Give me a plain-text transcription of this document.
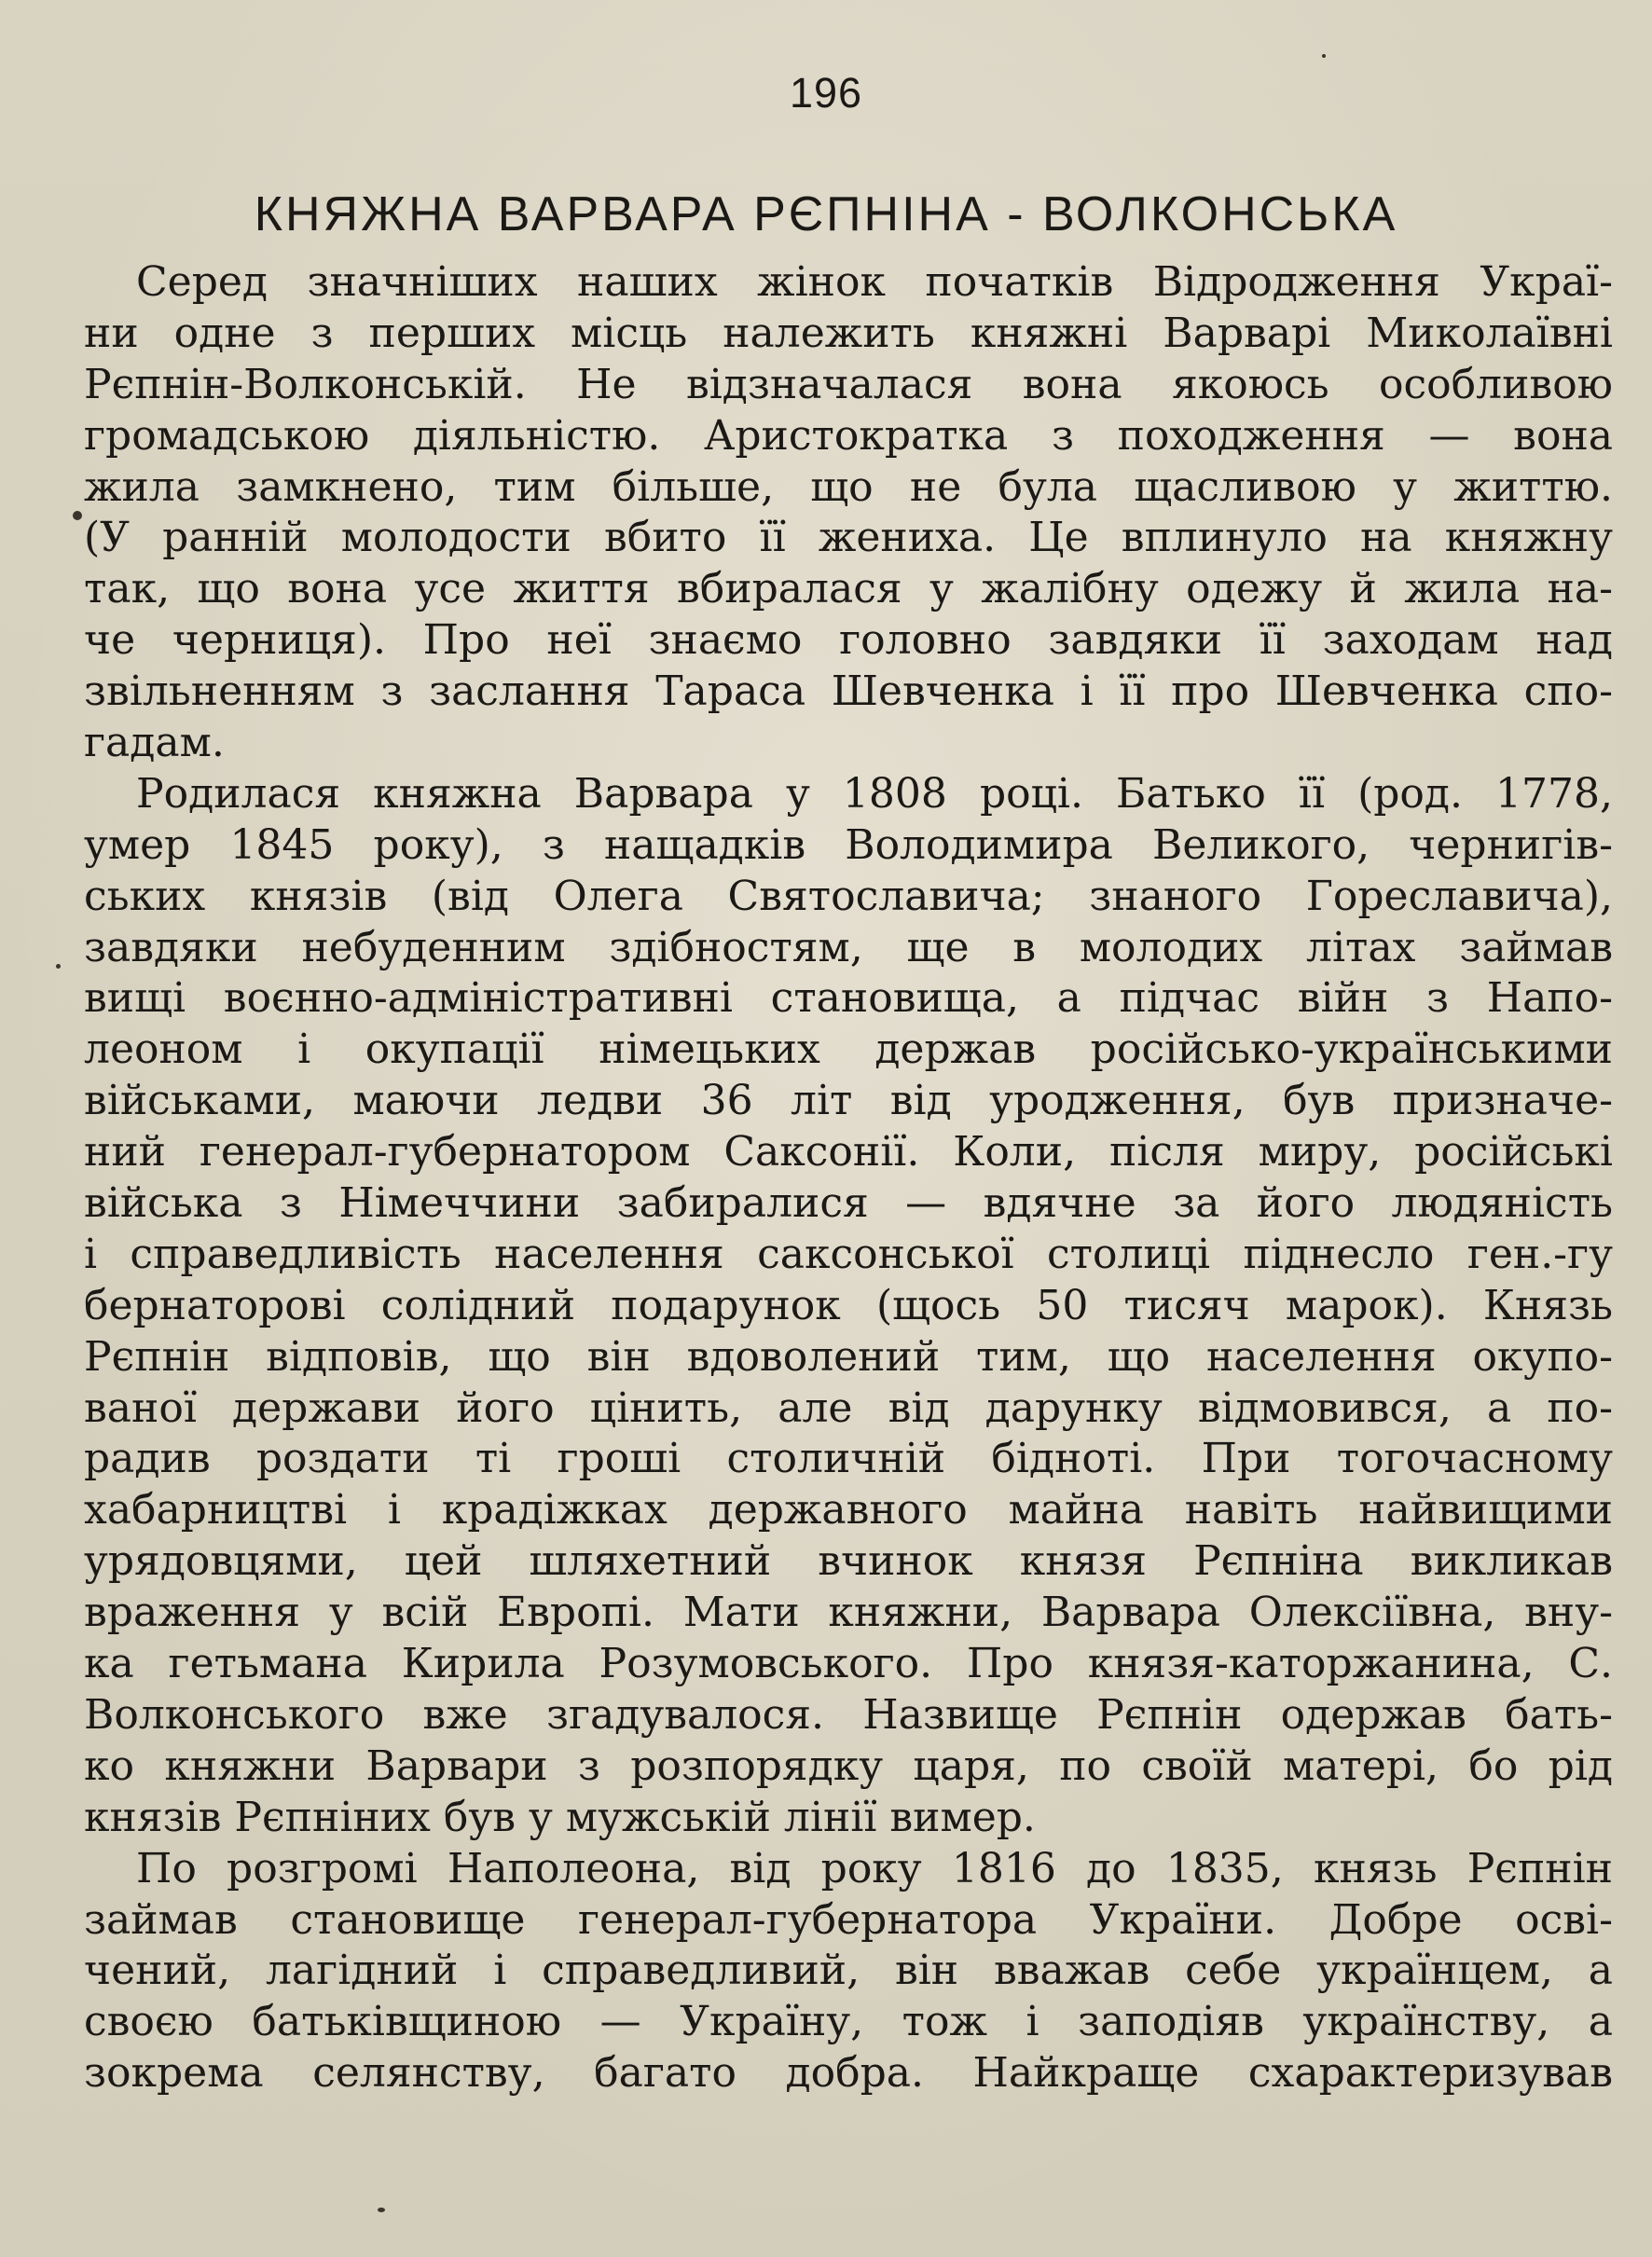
196
КНЯЖНА ВАРВАРА РЄПНІНА - ВОЛКОНСЬКА
Серед значніших наших жінок початків Відродження Украї-
ни одне з перших місць належить княжні Варварі Миколаївні
Рєпнін-Волконській. Не відзначалася вона якоюсь особливою
громадською діяльністю. Аристократка з походження — вона
жила замкнено, тим більше, що не була щасливою у життю.
(У ранній молодости вбито її жениха. Це вплинуло на княжну
так, що вона усе життя вбиралася у жалібну одежу й жила на-
че черниця). Про неї знаємо головно завдяки її заходам над
звільненням з заслання Тараса Шевченка і її про Шевченка спо-
гадам.
Родилася княжна Варвара у 1808 році. Батько її (род. 1778,
умер 1845 року), з нащадків Володимира Великого, чернигів-
ських князів (від Олега Святославича; знаного Гореславича),
завдяки небуденним здібностям, ще в молодих літах займав
вищі воєнно-адміністративні становища, а підчас війн з Напо-
леоном і окупації німецьких держав російсько-українськими
військами, маючи ледви 36 літ від уродження, був призначе-
ний генерал-губернатором Саксонії. Коли, після миру, російські
війська з Німеччини забиралися — вдячне за його людяність
і справедливість населення саксонської столиці піднесло ген.-гу
бернаторові солідний подарунок (щось 50 тисяч марок). Князь
Рєпнін відповів, що він вдоволений тим, що населення окупо-
ваної держави його цінить, але від дарунку відмовився, а по-
радив роздати ті гроші столичній бідноті. При тогочасному
хабарництві і крадіжках державного майна навіть найвищими
урядовцями, цей шляхетний вчинок князя Рєпніна викликав
враження у всій Европі. Мати княжни, Варвара Олексіївна, вну-
ка гетьмана Кирила Розумовського. Про князя-каторжанина, С.
Волконського вже згадувалося. Назвище Рєпнін одержав бать-
ко княжни Варвари з розпорядку царя, по своїй матері, бо рід
князів Рєпніних був у мужській лінії вимер.
По розгромі Наполеона, від року 1816 до 1835, князь Рєпнін
займав становище генерал-губернатора України. Добре осві-
чений, лагідний і справедливий, він вважав себе українцем, а
своєю батьківщиною — Україну, тож і заподіяв українству, а
зокрема селянству, багато добра. Найкраще схарактеризував
